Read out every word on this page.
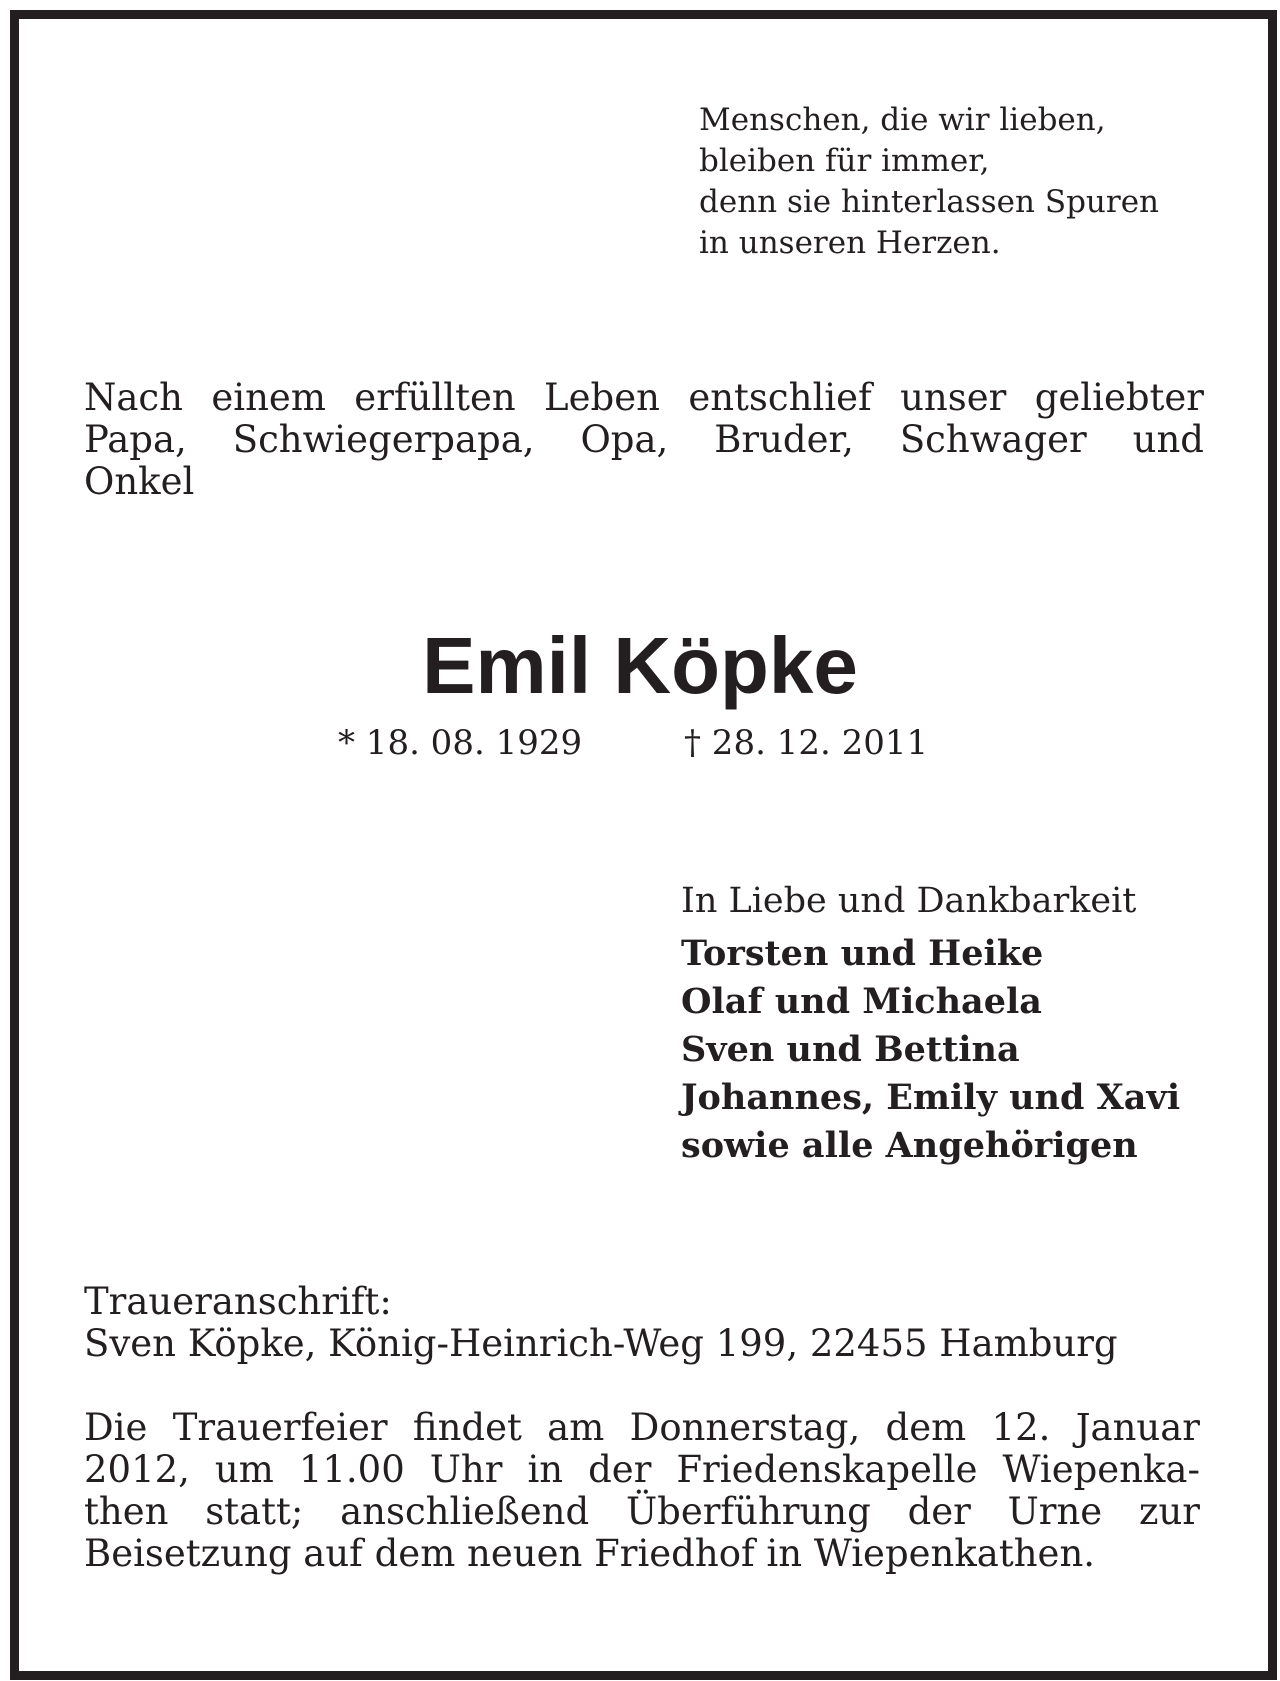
Menschen, die wir lieben,
bleiben für immer,
denn sie hinterlassen Spuren
in unseren Herzen.
Nach einem erfüllten Leben entschlief unser geliebter
Papa, Schwiegerpapa, Opa, Bruder, Schwager und
Onkel
Emil Köpke
* 18. 08. 1929	† 28. 12. 2011
In Liebe und Dankbarkeit
Torsten und Heike
Olaf und Michaela
Sven und Bettina
Johannes, Emily und Xavi
sowie alle Angehörigen
Traueranschrift:
Sven Köpke, König-Heinrich-Weg 199, 22455 Hamburg
Die Trauerfeier findet am Donnerstag, dem 12. Januar
2012, um 11.00 Uhr in der Friedenskapelle Wiepenka-
then statt; anschließend Überführung der Urne zur
Beisetzung auf dem neuen Friedhof in Wiepenkathen.
